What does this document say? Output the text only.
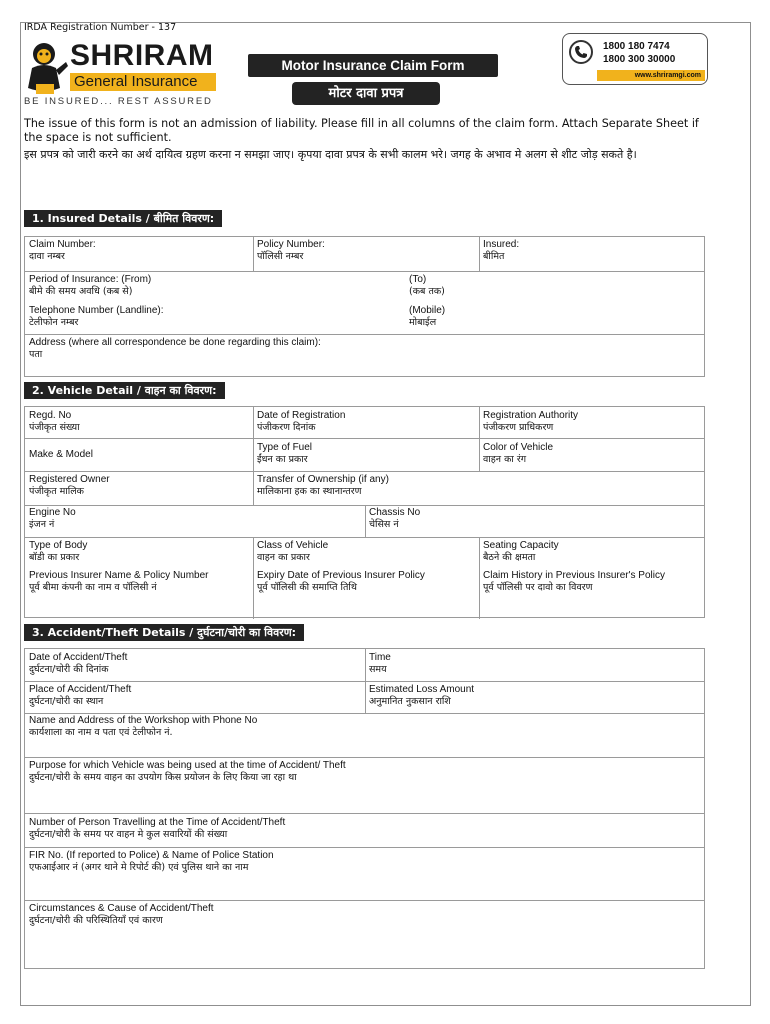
IRDA Registration Number - 137
SHRIRAM
General Insurance
BE INSURED... REST ASSURED
Motor Insurance Claim Form
मोटर दावा प्रपत्र
1800 180 7474
1800 300 30000
www.shriramgi.com
The issue of this form is not an admission of liability. Please fill in all columns of the claim form. Attach Separate Sheet if the space is not sufficient.
इस प्रपत्र को जारी करने का अर्थ दायित्व ग्रहण करना न समझा जाए। कृपया दावा प्रपत्र के सभी कालम भरे। जगह के अभाव मे अलग से शीट जोड़ सकते है।
1. Insured Details / बीमित विवरण:
Claim Number:
दावा नम्बर
Policy Number:
पॉलिसी नम्बर
Insured:
बीमित
Period of Insurance: (From)
बीमे की समय अवधि (कब से)
(To)
(कब तक)
Telephone Number (Landline):
टेलीफोन नम्बर
(Mobile)
मोबाईल
Address (where all correspondence be done regarding this claim):
पता
2. Vehicle Detail / वाहन का विवरण:
Regd. No
पंजीकृत संख्या
Date of Registration
पंजीकरण दिनांक
Registration Authority
पंजीकरण प्राधिकरण
Make & Model
Type of Fuel
ईंधन का प्रकार
Color of Vehicle
वाहन का रंग
Registered Owner
पंजीकृत मालिक
Transfer of Ownership (if any)
मालिकाना हक का स्थानान्तरण
Engine No
इंजन नं
Chassis No
चेसिस नं
Type of Body
बॉडी का प्रकार
Class of Vehicle
वाहन का प्रकार
Seating Capacity
बैठने की क्षमता
Previous Insurer Name & Policy Number
पूर्व बीमा कंपनी का नाम व पॉलिसी नं
Expiry Date of Previous Insurer Policy
पूर्व पॉलिसी की समाप्ति तिथि
Claim History in Previous Insurer's Policy
पूर्व पॉलिसी पर दावो का विवरण
3. Accident/Theft Details / दुर्घटना/चोरी का विवरण:
Date of Accident/Theft
दुर्घटना/चोरी की दिनांक
Time
समय
Place of Accident/Theft
दुर्घटना/चोरी का स्थान
Estimated Loss Amount
अनुमानित नुकसान राशि
Name and Address of the Workshop with Phone No
कार्यशाला का नाम व पता एवं टेलीफोन नं.
Purpose for which Vehicle was being used at the time of Accident/ Theft
दुर्घटना/चोरी के समय वाहन का उपयोग किस प्रयोजन के लिए किया जा रहा था
Number of Person Travelling at the Time of Accident/Theft
दुर्घटना/चोरी के समय पर वाहन मे कुल सवारियों की संख्या
FIR No. (If reported to Police) & Name of Police Station
एफआईआर नं (अगर थाने मे रिपोर्ट की) एवं पुलिस थाने का नाम
Circumstances & Cause of Accident/Theft
दुर्घटना/चोरी की परिस्थितियाँ एवं कारण
